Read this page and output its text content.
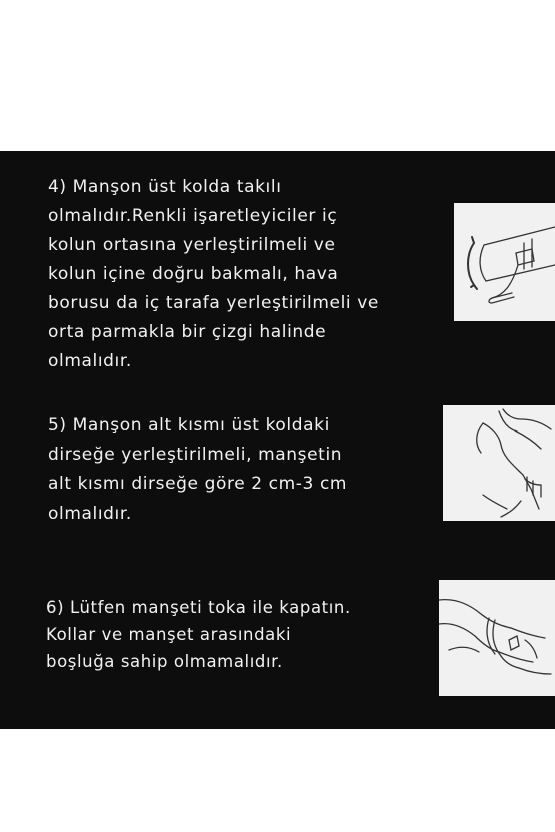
4) Manşon üst kolda takılı
olmalıdır.Renkli işaretleyiciler iç
kolun ortasına yerleştirilmeli ve
kolun içine doğru bakmalı, hava
borusu da iç tarafa yerleştirilmeli ve
orta parmakla bir çizgi halinde
olmalıdır.
5) Manşon alt kısmı üst koldaki
dirseğe yerleştirilmeli, manşetin
alt kısmı dirseğe göre 2 cm-3 cm
olmalıdır.
6) Lütfen manşeti toka ile kapatın.
Kollar ve manşet arasındaki
boşluğa sahip olmamalıdır.
